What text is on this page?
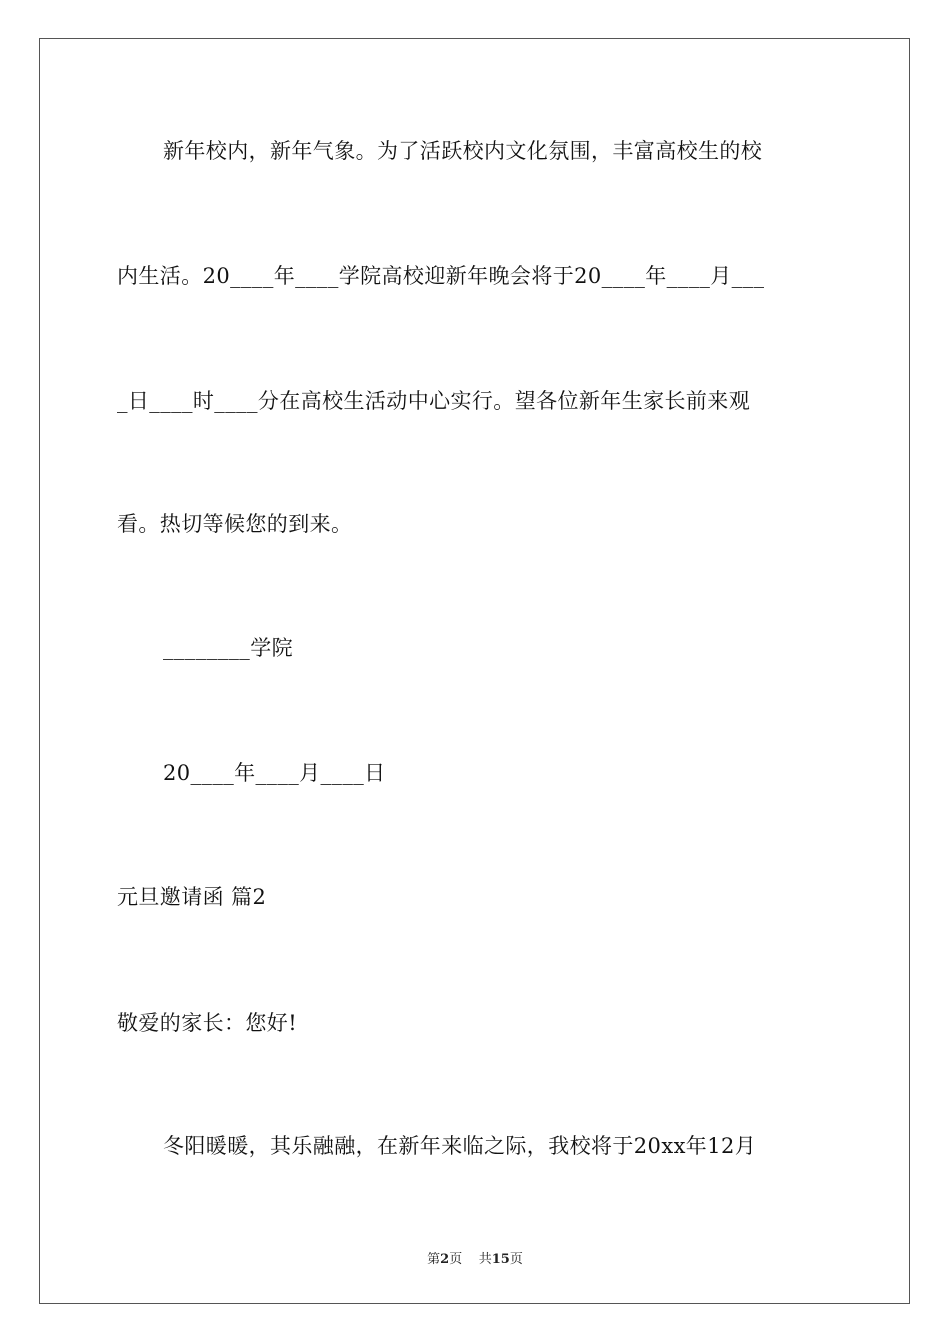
新年校内，新年气象。为了活跃校内文化氛围，丰富高校生的校
内生活。20____年____学院高校迎新年晚会将于20____年____月___
_日____时____分在高校生活动中心实行。望各位新年生家长前来观
看。热切等候您的到来。
________学院
20____年____月____日
元旦邀请函 篇2
敬爱的家长：您好!
冬阳暖暖，其乐融融，在新年来临之际，我校将于20xx年12月
第2页 共15页
